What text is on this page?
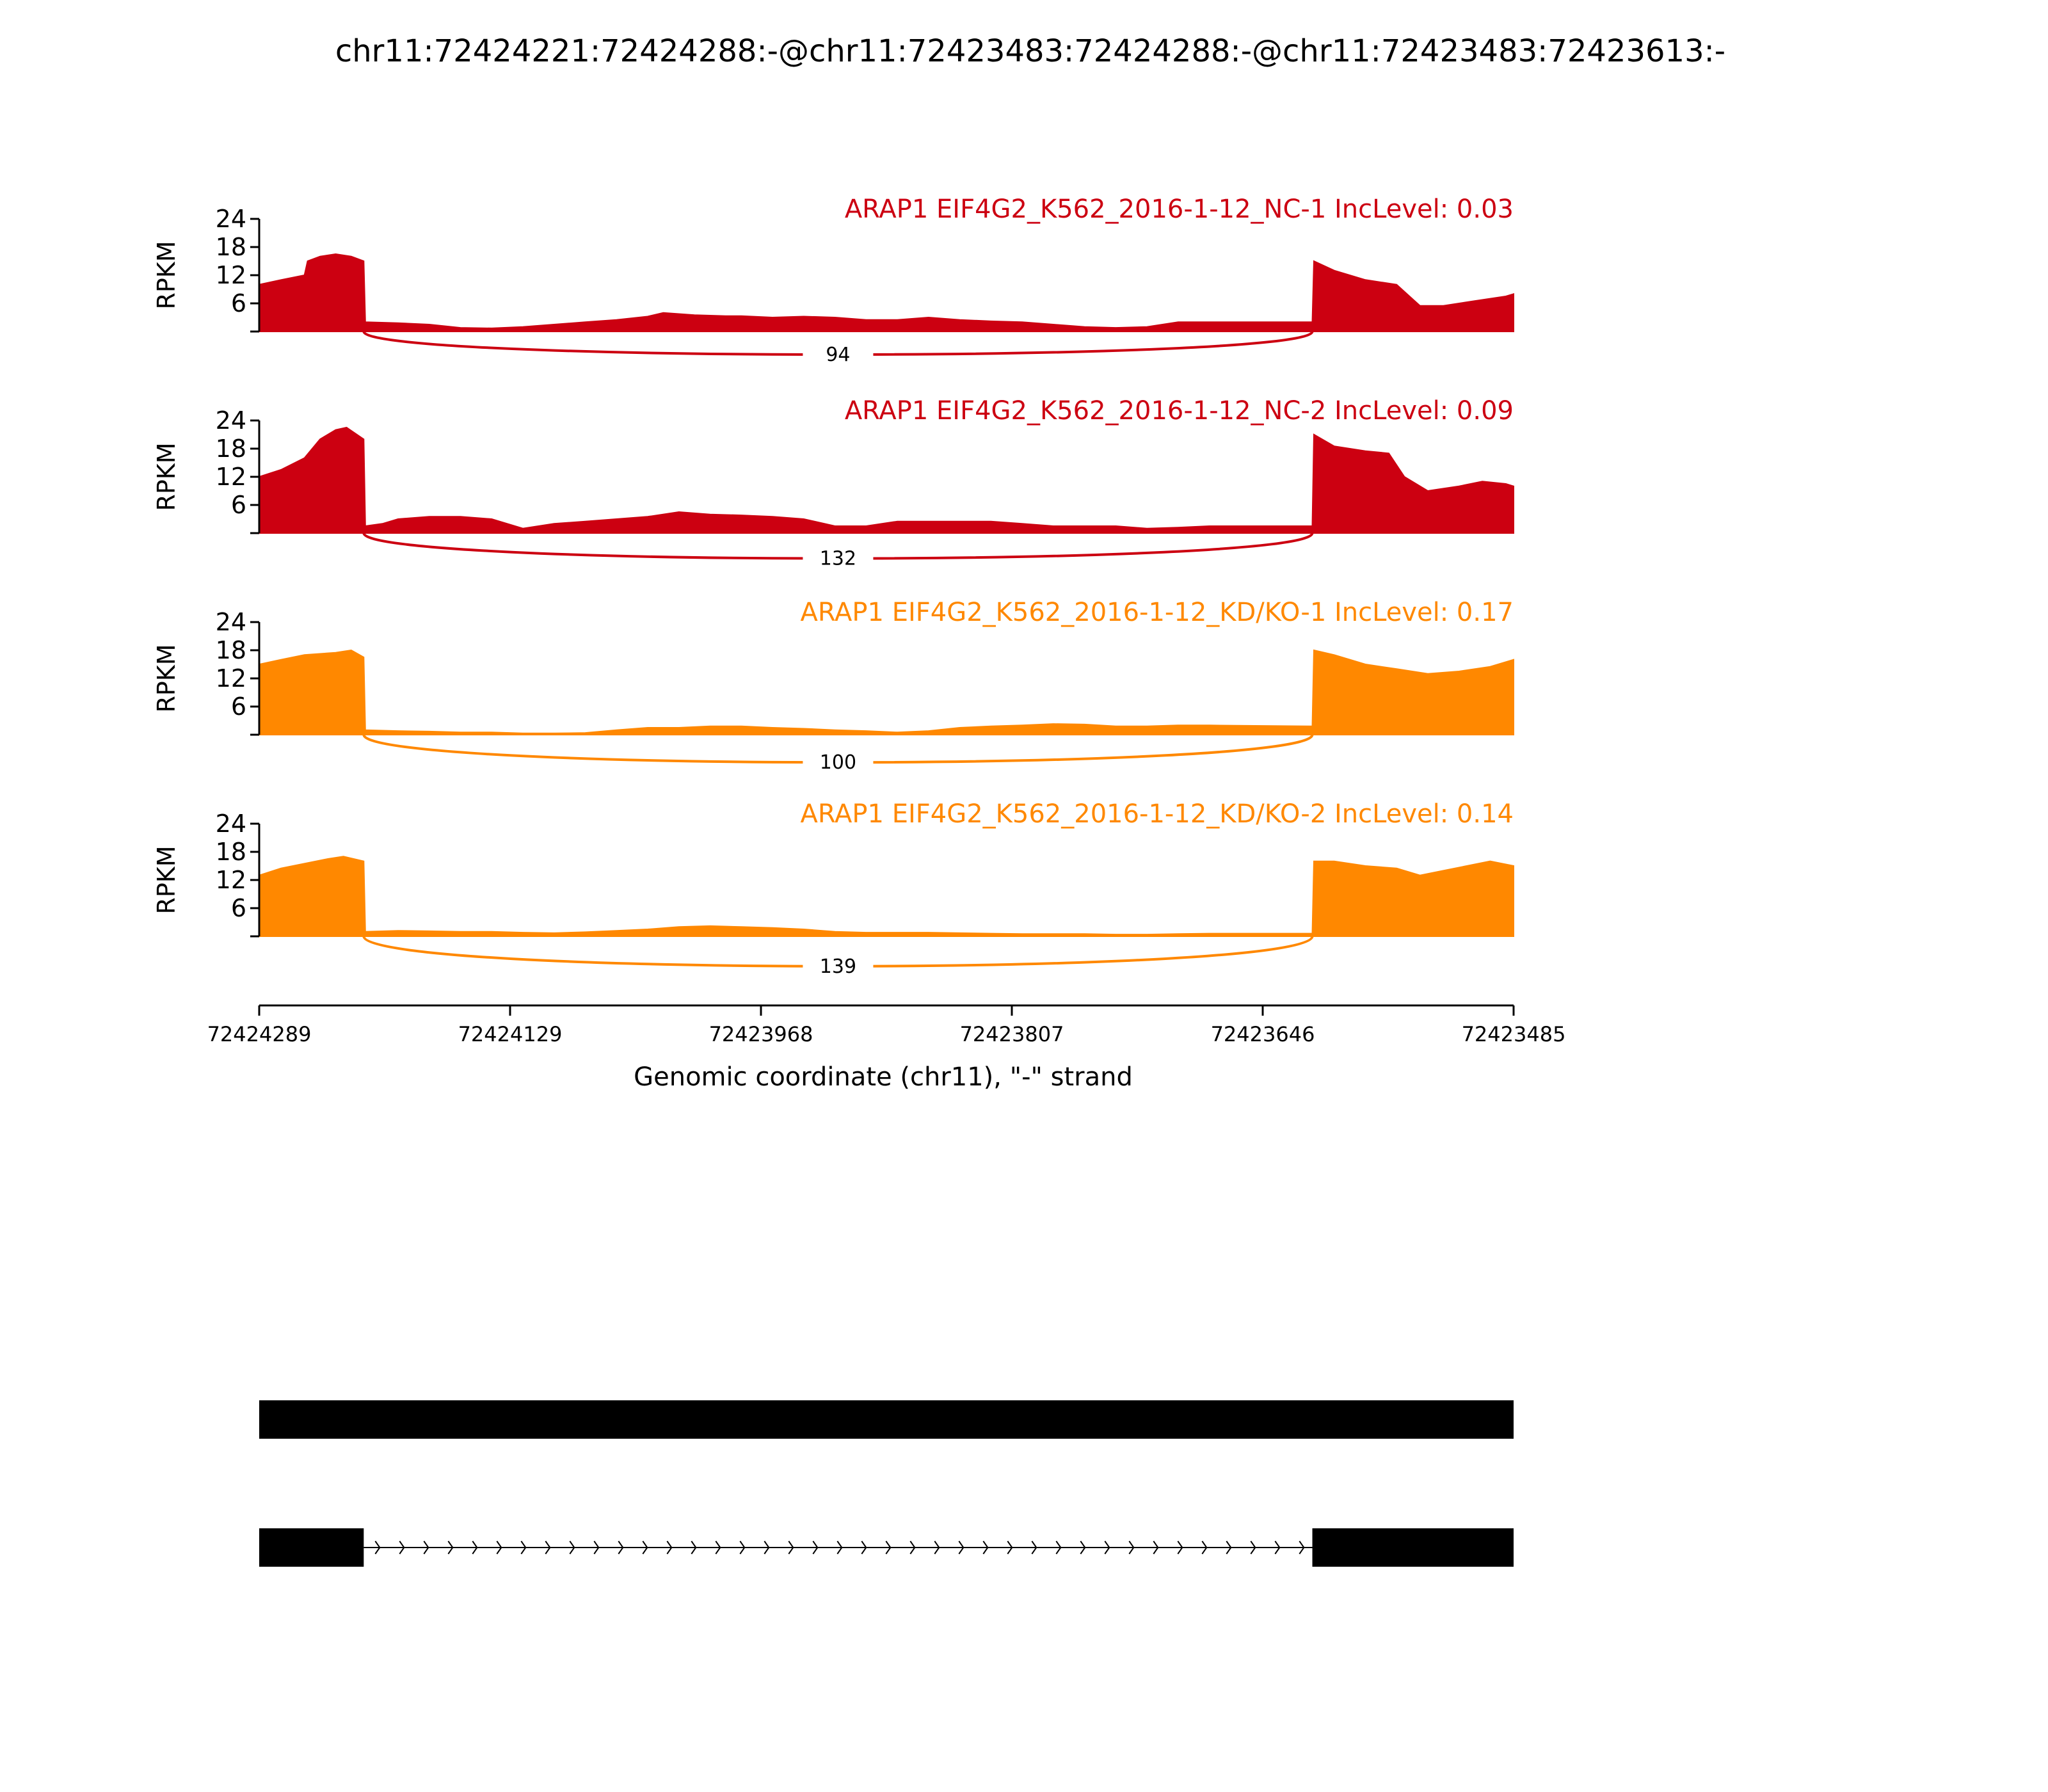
chr11:72424221:72424288:-@chr11:72423483:72424288:-@chr11:72423483:72423613:-
6
12
18
24
RPKM
ARAP1 EIF4G2_K562_2016-1-12_NC-1 IncLevel: 0.03
94
6
12
18
24
RPKM
ARAP1 EIF4G2_K562_2016-1-12_NC-2 IncLevel: 0.09
132
6
12
18
24
RPKM
ARAP1 EIF4G2_K562_2016-1-12_KD/KO-1 IncLevel: 0.17
100
6
12
18
24
RPKM
ARAP1 EIF4G2_K562_2016-1-12_KD/KO-2 IncLevel: 0.14
139
72424289	72424129	72423968	72423807	72423646	72423485
Genomic coordinate (chr11), "-" strand
